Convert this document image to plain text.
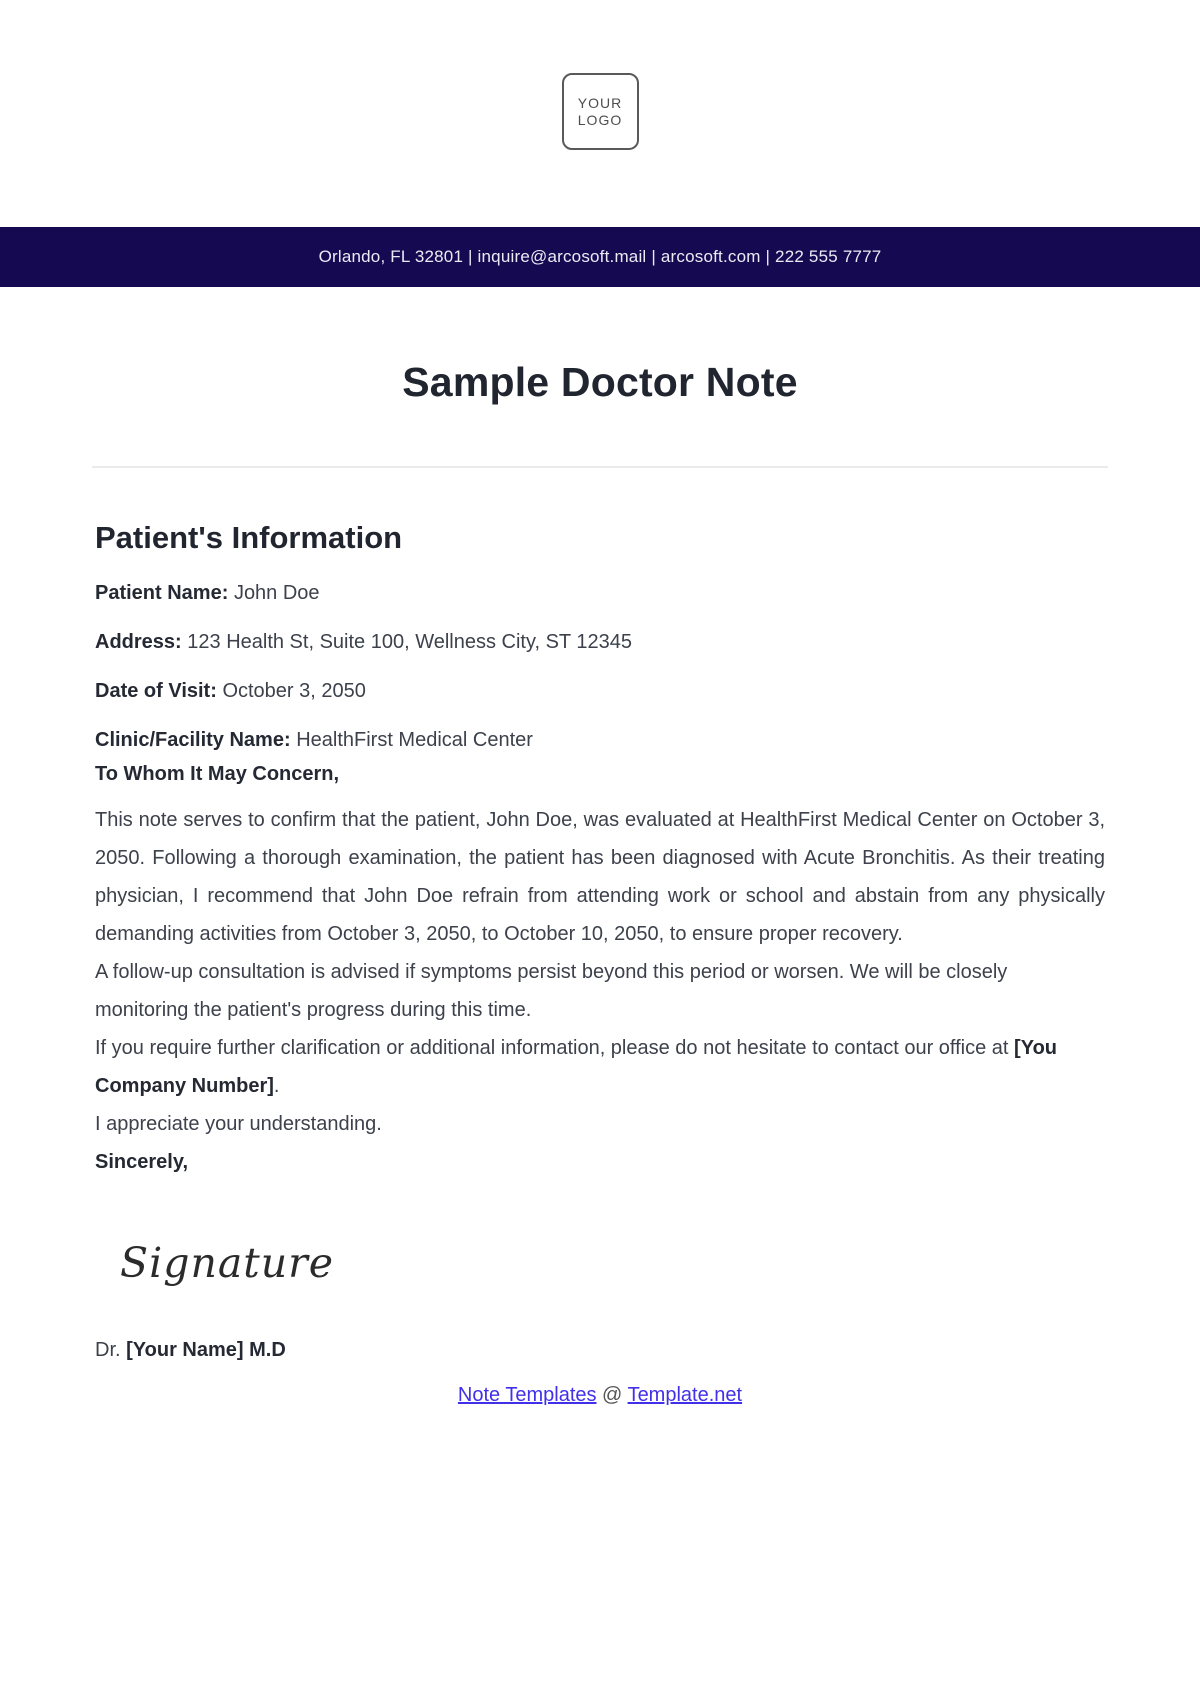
YOUR
LOGO
Orlando, FL 32801 | inquire@arcosoft.mail | arcosoft.com | 222 555 7777
Sample Doctor Note
Patient's Information
Patient Name: John Doe
Address: 123 Health St, Suite 100, Wellness City, ST 12345
Date of Visit: October 3, 2050
Clinic/Facility Name: HealthFirst Medical Center
To Whom It May Concern,

This note serves to confirm that the patient, John Doe, was evaluated at HealthFirst Medical Center on October 3, 2050. Following a thorough examination, the patient has been diagnosed with Acute Bronchitis. As their treating physician, I recommend that John Doe refrain from attending work or school and abstain from any physically demanding activities from October 3, 2050, to October 10, 2050, to ensure proper recovery.

A follow-up consultation is advised if symptoms persist beyond this period or worsen. We will be closely monitoring the patient's progress during this time.

If you require further clarification or additional information, please do not hesitate to contact our office at [You Company Number].

I appreciate your understanding.

Sincerely,

Signature
Dr. [Your Name] M.D
Note Templates @ Template.net
